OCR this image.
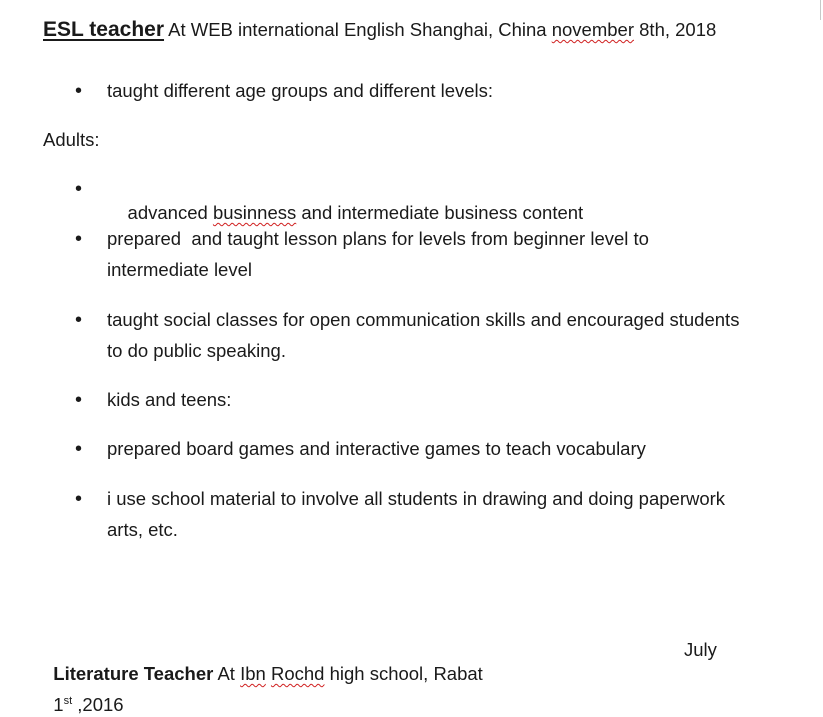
ESL teacher At WEB international English Shanghai, China november 8th, 2018
• taught different age groups and different levels:
Adults:
•

advanced businness and intermediate business content

• prepared  and taught lesson plans for levels from beginner level to
intermediate level
• taught social classes for open communication skills and encouraged students
to do public speaking.
• kids and teens:
• prepared board games and interactive games to teach vocabulary
• i use school material to involve all students in drawing and doing paperwork
arts, etc.

Literature Teacher At Ibn Rochd high school, Rabat

July

1st ,2016
